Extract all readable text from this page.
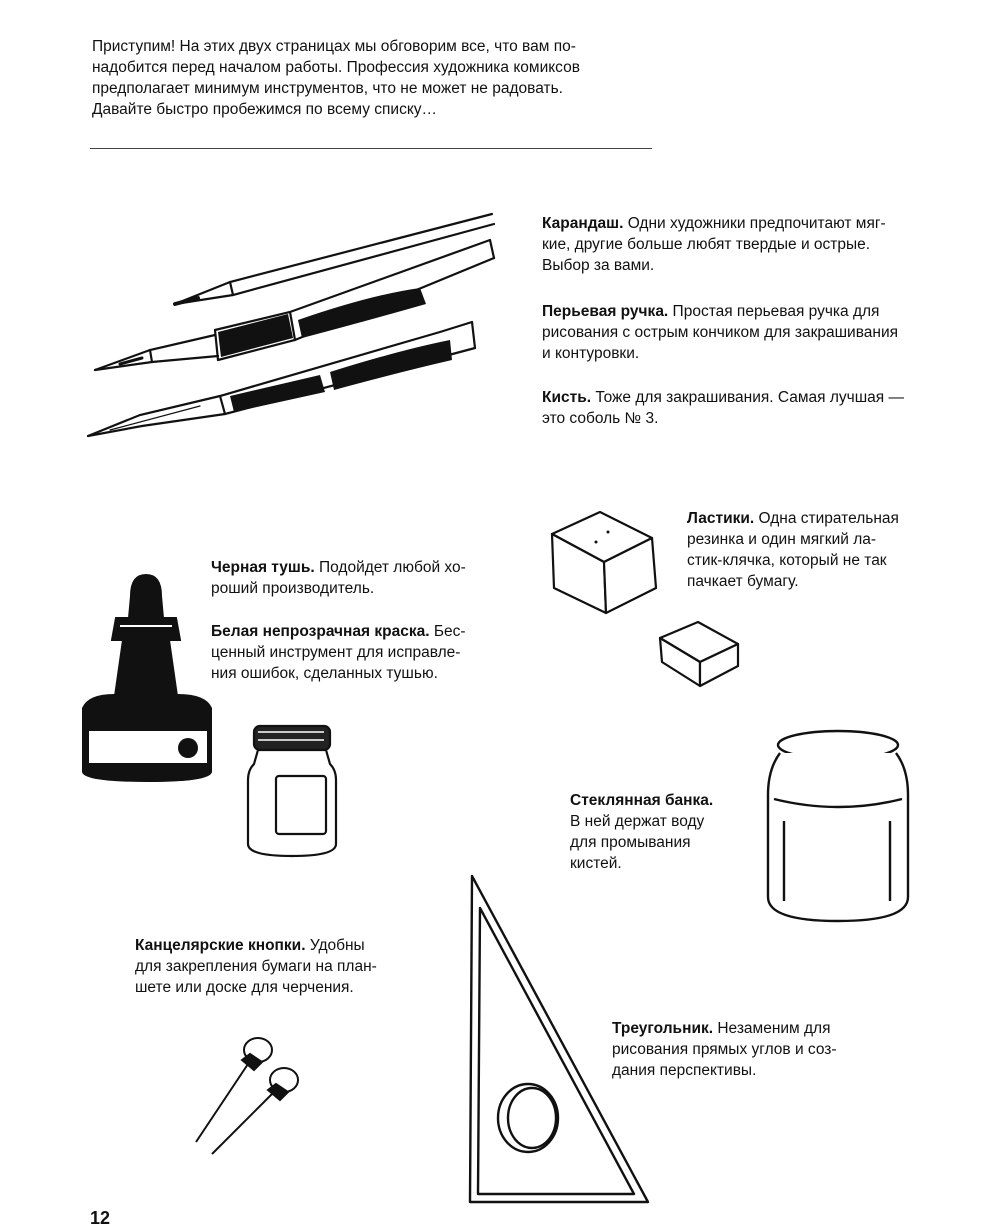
Приступим! На этих двух страницах мы обговорим все, что вам по-
надобится перед началом работы. Профессия художника комиксов
предполагает минимум инструментов, что не может не радовать.
Давайте быстро пробежимся по всему списку…

Карандаш. Одни художники предпочитают мяг-
кие, другие больше любят твердые и острые.
Выбор за вами.

Перьевая ручка. Простая перьевая ручка для
рисования с острым кончиком для закрашивания
и контуровки.

Кисть. Тоже для закрашивания. Самая лучшая —
это соболь № 3.

Ластики. Одна стирательная
резинка и один мягкий ла-
стик-клячка, который не так
пачкает бумагу.

Черная тушь. Подойдет любой хо-
роший производитель.

Белая непрозрачная краска. Бес-
ценный инструмент для исправле-
ния ошибок, сделанных тушью.

Стеклянная банка.
В ней держат воду
для промывания
кистей.

Канцелярские кнопки. Удобны
для закрепления бумаги на план-
шете или доске для черчения.

Треугольник. Незаменим для
рисования прямых углов и соз-
дания перспективы.

12
